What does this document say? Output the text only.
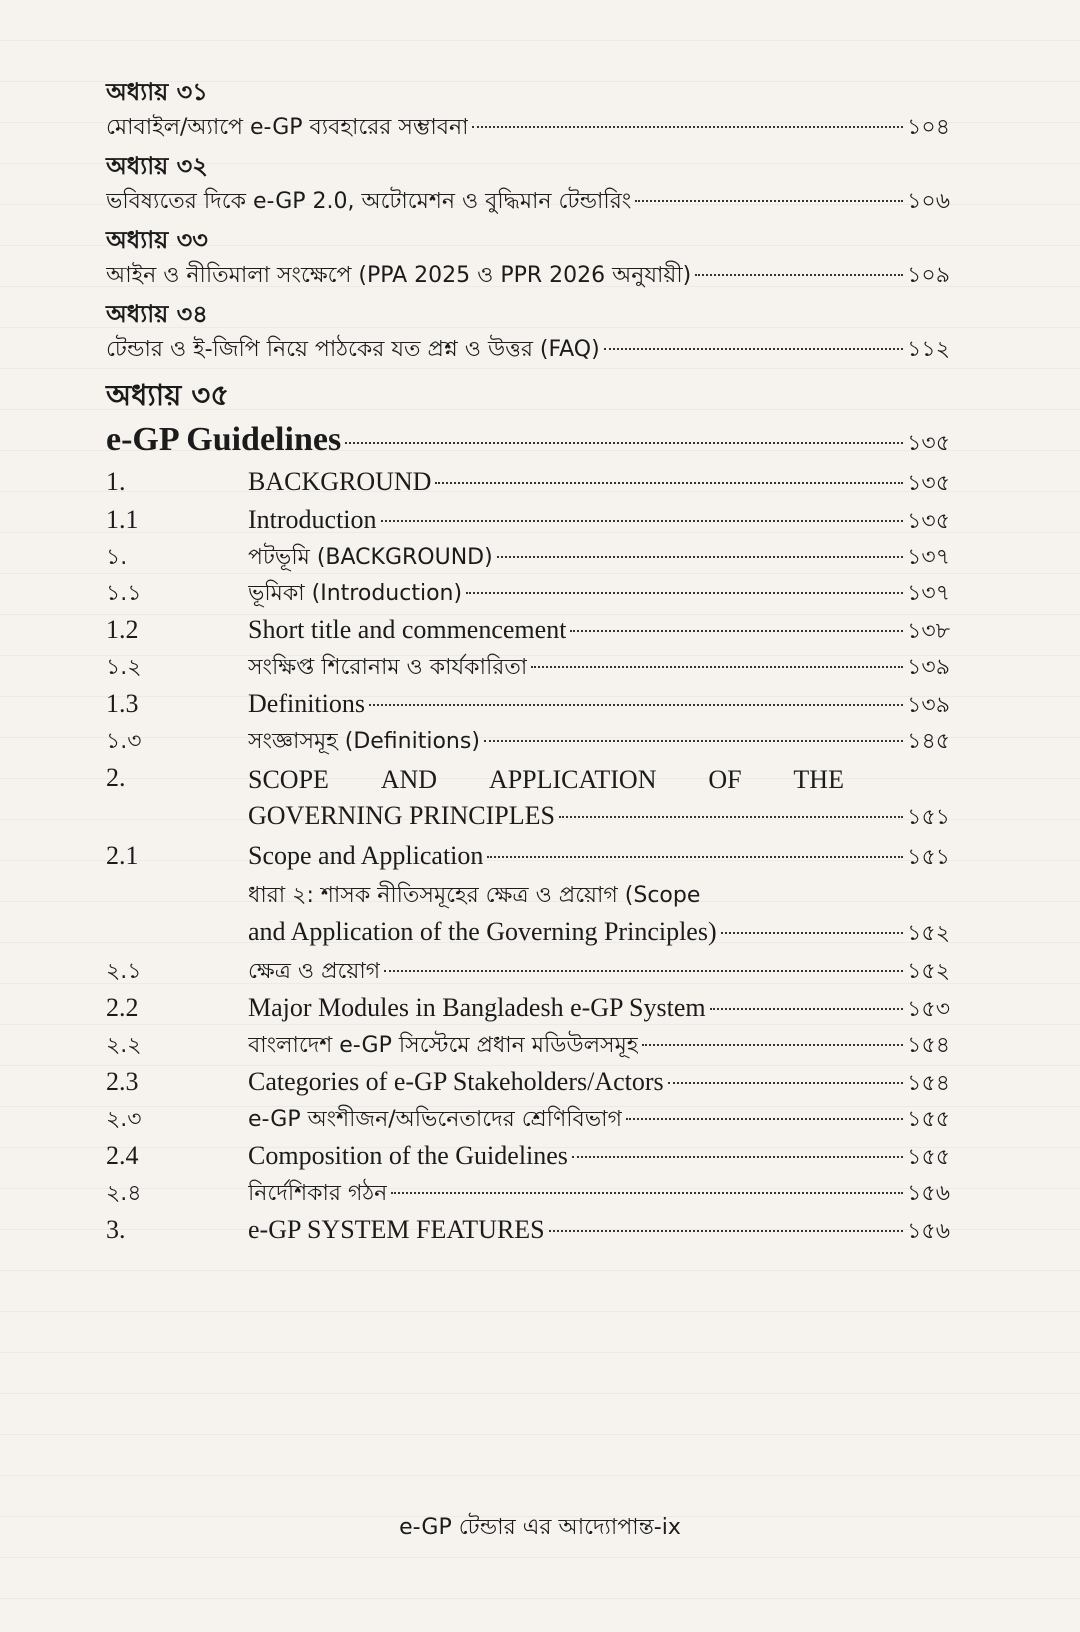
অধ্যায় ৩১
মোবাইল/অ্যাপে e-GP ব্যবহারের সম্ভাবনা	১০৪
অধ্যায় ৩২
ভবিষ্যতের দিকে e-GP 2.0, অটোমেশন ও বুদ্ধিমান টেন্ডারিং	১০৬
অধ্যায় ৩৩
আইন ও নীতিমালা সংক্ষেপে (PPA 2025 ও PPR 2026 অনুযায়ী)	১০৯
অধ্যায় ৩৪
টেন্ডার ও ই-জিপি নিয়ে পাঠকের যত প্রশ্ন ও উত্তর (FAQ)	১১২
অধ্যায় ৩৫
e-GP Guidelines	১৩৫
1.	BACKGROUND	১৩৫
1.1	Introduction	১৩৫
১.	পটভূমি (BACKGROUND)	১৩৭
১.১	ভূমিকা (Introduction)	১৩৭
1.2	Short title and commencement	১৩৮
১.২	সংক্ষিপ্ত শিরোনাম ও কার্যকারিতা	১৩৯
1.3	Definitions	১৩৯
১.৩	সংজ্ঞাসমূহ (Definitions)	১৪৫
2.	SCOPE AND APPLICATION OF THE
GOVERNING PRINCIPLES	১৫১
2.1	Scope and Application	১৫১
ধারা ২: শাসক নীতিসমূহের ক্ষেত্র ও প্রয়োগ (Scope
and Application of the Governing Principles)	১৫২
২.১	ক্ষেত্র ও প্রয়োগ	১৫২
2.2	Major Modules in Bangladesh e-GP System	১৫৩
২.২	বাংলাদেশ e-GP সিস্টেমে প্রধান মডিউলসমূহ	১৫৪
2.3	Categories of e-GP Stakeholders/Actors	১৫৪
২.৩	e-GP অংশীজন/অভিনেতাদের শ্রেণিবিভাগ	১৫৫
2.4	Composition of the Guidelines	১৫৫
২.৪	নির্দেশিকার গঠন	১৫৬
3.	e-GP SYSTEM FEATURES	১৫৬
e-GP টেন্ডার এর আদ্যোপান্ত-ix
